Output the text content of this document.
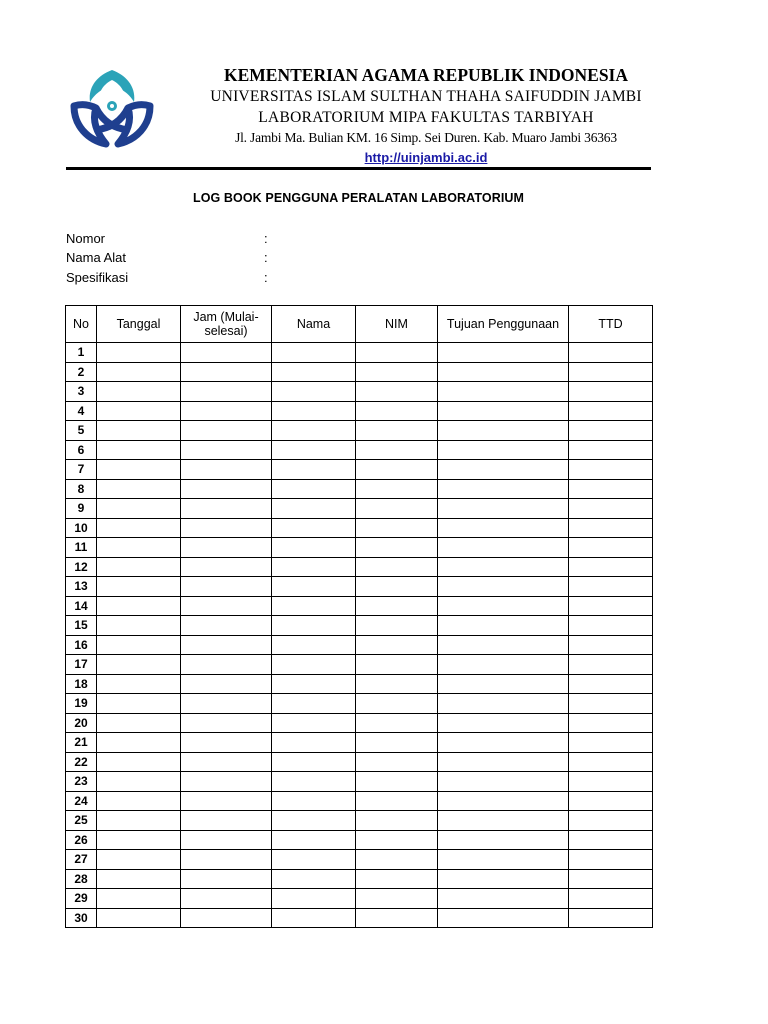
KEMENTERIAN AGAMA REPUBLIK INDONESIA
UNIVERSITAS ISLAM SULTHAN THAHA SAIFUDDIN JAMBI
LABORATORIUM MIPA FAKULTAS TARBIYAH
Jl. Jambi Ma. Bulian KM. 16 Simp. Sei Duren. Kab. Muaro Jambi 36363
http://uinjambi.ac.id
LOG BOOK PENGGUNA PERALATAN LABORATORIUM
Nomor	:
Nama Alat	:
Spesifikasi	:
No	Tanggal	Jam (Mulai-selesai)	Nama	NIM	Tujuan Penggunaan	TTD
1						
2						
3						
4						
5						
6						
7						
8						
9						
10						
11						
12						
13						
14						
15						
16						
17						
18						
19						
20						
21						
22						
23						
24						
25						
26						
27						
28						
29						
30						
